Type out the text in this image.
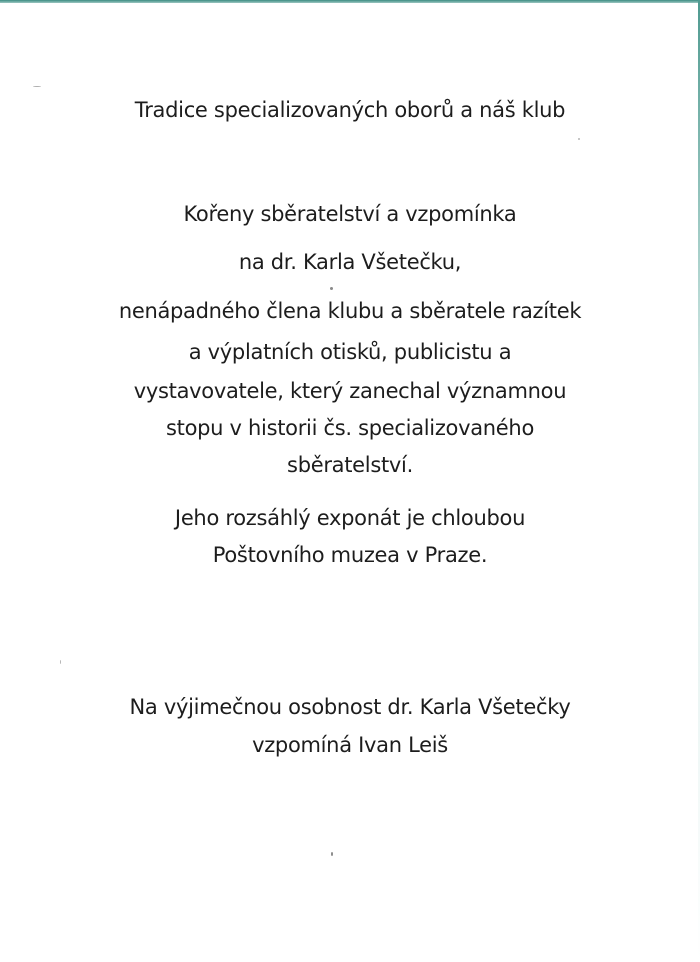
Tradice specializovaných oborů a náš klub
Kořeny sběratelství a vzpomínka
na dr. Karla Všetečku,
nenápadného člena klubu a sběratele razítek
a výplatních otisků, publicistu a
vystavovatele, který zanechal významnou
stopu v historii čs. specializovaného
sběratelství.
Jeho rozsáhlý exponát je chloubou
Poštovního muzea v Praze.
Na výjimečnou osobnost dr. Karla Všetečky
vzpomíná Ivan Leiš
